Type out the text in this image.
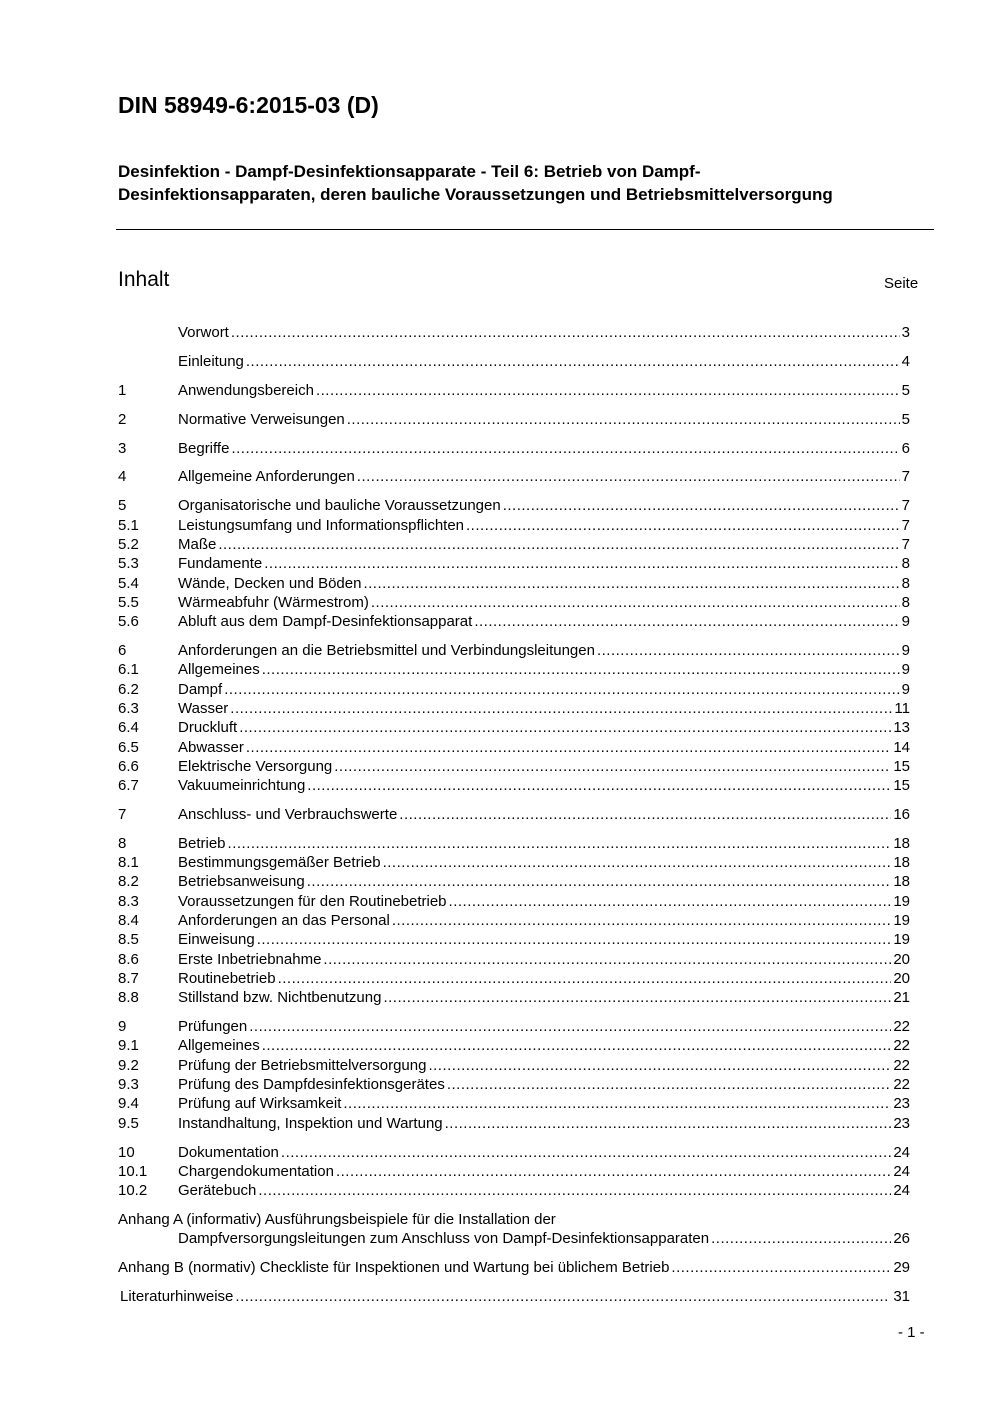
DIN 58949-6:2015-03 (D)
Desinfektion - Dampf-Desinfektionsapparate - Teil 6: Betrieb von Dampf-Desinfektionsapparaten, deren bauliche Voraussetzungen und Betriebsmittelversorgung
Inhalt	Seite
Vorwort .....	3
Einleitung .....	4
1	Anwendungsbereich .....	5
2	Normative Verweisungen .....	5
3	Begriffe .....	6
4	Allgemeine Anforderungen .....	7
5	Organisatorische und bauliche Voraussetzungen .....	7
5.1	Leistungsumfang und Informationspflichten .....	7
5.2	Maße .....	7
5.3	Fundamente .....	8
5.4	Wände, Decken und Böden .....	8
5.5	Wärmeabfuhr (Wärmestrom) .....	8
5.6	Abluft aus dem Dampf-Desinfektionsapparat .....	9
6	Anforderungen an die Betriebsmittel und Verbindungsleitungen .....	9
6.1	Allgemeines .....	9
6.2	Dampf .....	9
6.3	Wasser .....	11
6.4	Druckluft .....	13
6.5	Abwasser .....	14
6.6	Elektrische Versorgung .....	15
6.7	Vakuumeinrichtung .....	15
7	Anschluss- und Verbrauchswerte .....	16
8	Betrieb .....	18
8.1	Bestimmungsgemäßer Betrieb .....	18
8.2	Betriebsanweisung .....	18
8.3	Voraussetzungen für den Routinebetrieb .....	19
8.4	Anforderungen an das Personal .....	19
8.5	Einweisung .....	19
8.6	Erste Inbetriebnahme .....	20
8.7	Routinebetrieb .....	20
8.8	Stillstand bzw. Nichtbenutzung .....	21
9	Prüfungen .....	22
9.1	Allgemeines .....	22
9.2	Prüfung der Betriebsmittelversorgung .....	22
9.3	Prüfung des Dampfdesinfektionsgerätes .....	22
9.4	Prüfung auf Wirksamkeit .....	23
9.5	Instandhaltung, Inspektion und Wartung .....	23
10	Dokumentation .....	24
10.1	Chargendokumentation .....	24
10.2	Gerätebuch .....	24
Anhang A (informativ) Ausführungsbeispiele für die Installation der
Dampfversorgungsleitungen zum Anschluss von Dampf-Desinfektionsapparaten .....	26
Anhang B (normativ) Checkliste für Inspektionen und Wartung bei üblichem Betrieb .....	29
Literaturhinweise .....	31
- 1 -
